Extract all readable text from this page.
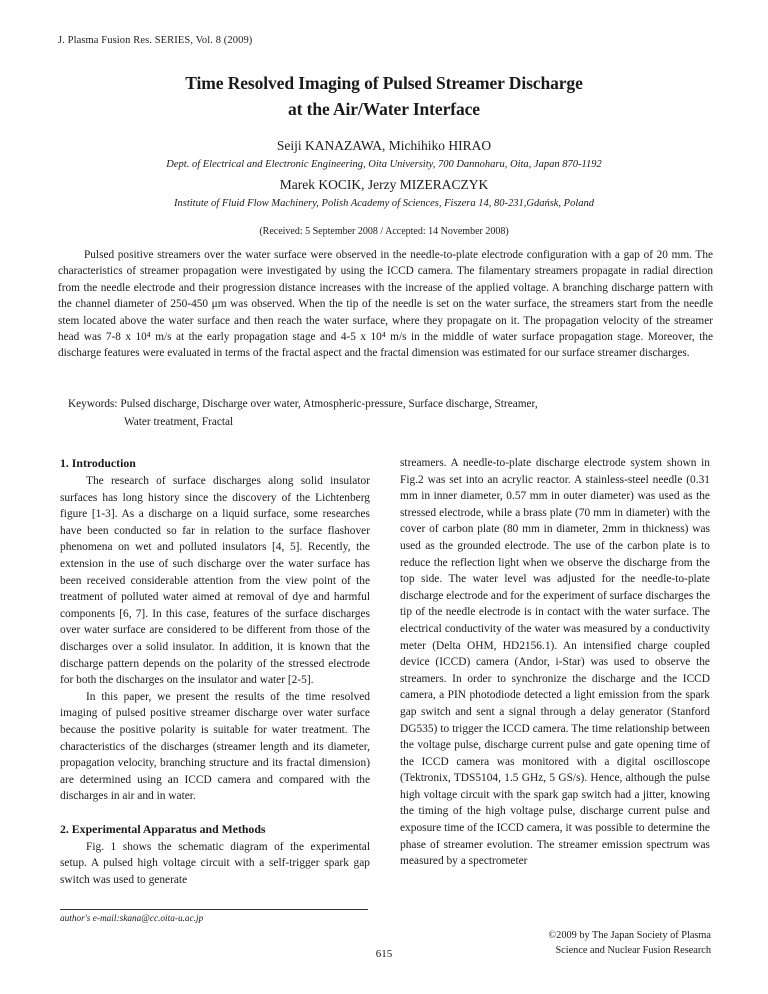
J. Plasma Fusion Res. SERIES, Vol. 8 (2009)
Time Resolved Imaging of Pulsed Streamer Discharge
at the Air/Water Interface
Seiji KANAZAWA, Michihiko HIRAO
Dept. of Electrical and Electronic Engineering, Oita University, 700 Dannoharu, Oita, Japan 870-1192
Marek KOCIK, Jerzy MIZERACZYK
Institute of Fluid Flow Machinery, Polish Academy of Sciences, Fiszera 14, 80-231,Gdańsk, Poland
(Received: 5 September 2008 / Accepted: 14 November 2008)

Pulsed positive streamers over the water surface were observed in the needle-to-plate electrode configuration with a gap of 20 mm. The characteristics of streamer propagation were investigated by using the ICCD camera. The filamentary streamers propagate in radial direction from the needle electrode and their progression distance increases with the increase of the applied voltage. A branching discharge pattern with the channel diameter of 250-450 μm was observed. When the tip of the needle is set on the water surface, the streamers start from the needle stem located above the water surface and then reach the water surface, where they propagate on it. The propagation velocity of the streamer head was 7-8 x 10⁴ m/s at the early propagation stage and 4-5 x 10⁴ m/s in the middle of water surface propagation stage. Moreover, the discharge features were evaluated in terms of the fractal aspect and the fractal dimension was estimated for our surface streamer discharges.

Keywords: Pulsed discharge, Discharge over water, Atmospheric-pressure, Surface discharge, Streamer,
Water treatment, Fractal
1. Introduction

The research of surface discharges along solid insulator surfaces has long history since the discovery of the Lichtenberg figure [1-3]. As a discharge on a liquid surface, some researches have been conducted so far in relation to the surface flashover phenomena on wet and polluted insulators [4, 5]. Recently, the extension in the use of such discharge over the water surface has been received considerable attention from the view point of the treatment of polluted water aimed at removal of dye and harmful components [6, 7]. In this case, features of the surface discharges over water surface are considered to be different from those of the discharges over a solid insulator. In addition, it is known that the discharge pattern depends on the polarity of the stressed electrode for both the discharges on the insulator and water [2-5].

In this paper, we present the results of the time resolved imaging of pulsed positive streamer discharge over water surface because the positive polarity is suitable for water treatment. The characteristics of the discharges (streamer length and its diameter, propagation velocity, branching structure and its fractal dimension) are determined using an ICCD camera and compared with the discharges in air and in water.

2. Experimental Apparatus and Methods

Fig. 1 shows the schematic diagram of the experimental setup. A pulsed high voltage circuit with a self-trigger spark gap switch was used to generate

streamers. A needle-to-plate discharge electrode system shown in Fig.2 was set into an acrylic reactor. A stainless-steel needle (0.31 mm in inner diameter, 0.57 mm in outer diameter) was used as the stressed electrode, while a brass plate (70 mm in diameter) with the cover of carbon plate (80 mm in diameter, 2mm in thickness) was used as the grounded electrode. The use of the carbon plate is to reduce the reflection light when we observe the discharge from the top side. The water level was adjusted for the needle-to-plate discharge electrode and for the experiment of surface discharges the tip of the needle electrode is in contact with the water surface. The electrical conductivity of the water was measured by a conductivity meter (Delta OHM, HD2156.1). An intensified charge coupled device (ICCD) camera (Andor, i-Star) was used to observe the streamers. In order to synchronize the discharge and the ICCD camera, a PIN photodiode detected a light emission from the spark gap switch and sent a signal through a delay generator (Stanford DG535) to trigger the ICCD camera. The time relationship between the voltage pulse, discharge current pulse and gate opening time of the ICCD camera was monitored with a digital oscilloscope (Tektronix, TDS5104, 1.5 GHz, 5 GS/s). Hence, although the pulse high voltage circuit with the spark gap switch had a jitter, knowing the timing of the high voltage pulse, discharge current pulse and exposure time of the ICCD camera, it was possible to determine the phase of streamer evolution. The streamer emission spectrum was measured by a spectrometer

author's e-mail:skana@cc.oita-u.ac.jp
615
©2009 by The Japan Society of Plasma
Science and Nuclear Fusion Research
